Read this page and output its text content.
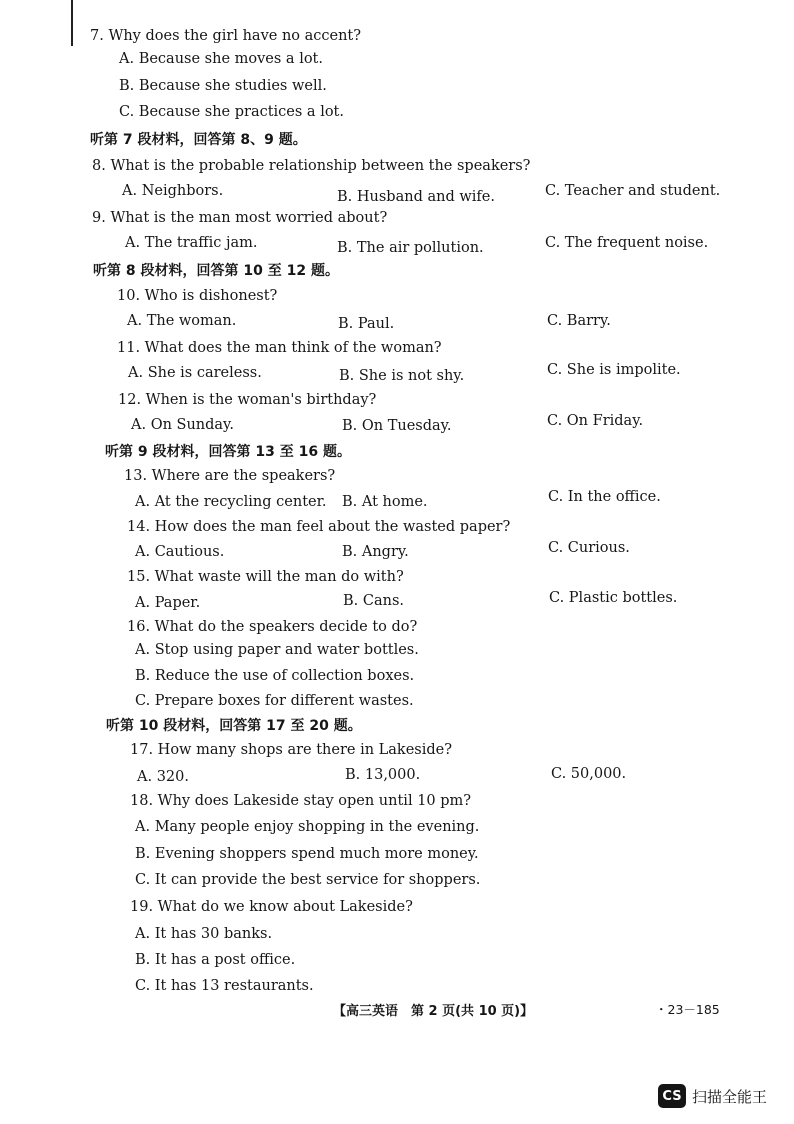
7. Why does the girl have no accent?
A. Because she moves a lot.
B. Because she studies well.
C. Because she practices a lot.
听第 7 段材料，回答第 8、9 题。
8. What is the probable relationship between the speakers?
A. Neighbors.	B. Husband and wife.	C. Teacher and student.
9. What is the man most worried about?
A. The traffic jam.	B. The air pollution.	C. The frequent noise.
听第 8 段材料，回答第 10 至 12 题。
10. Who is dishonest?
A. The woman.	B. Paul.	C. Barry.
11. What does the man think of the woman?
A. She is careless.	B. She is not shy.	C. She is impolite.
12. When is the woman's birthday?
A. On Sunday.	B. On Tuesday.	C. On Friday.
听第 9 段材料，回答第 13 至 16 题。
13. Where are the speakers?
A. At the recycling center. B. At home.	C. In the office.
14. How does the man feel about the wasted paper?
A. Cautious.	B. Angry.	C. Curious.
15. What waste will the man do with?
A. Paper.	B. Cans.	C. Plastic bottles.
16. What do the speakers decide to do?
A. Stop using paper and water bottles.
B. Reduce the use of collection boxes.
C. Prepare boxes for different wastes.
听第 10 段材料，回答第 17 至 20 题。
17. How many shops are there in Lakeside?
A. 320.	B. 13,000.	C. 50,000.
18. Why does Lakeside stay open until 10 pm?
A. Many people enjoy shopping in the evening.
B. Evening shoppers spend much more money.
C. It can provide the best service for shoppers.
19. What do we know about Lakeside?
A. It has 30 banks.
B. It has a post office.
C. It has 13 restaurants.
【高三英语　第 2 页(共 10 页)】	・23－185
CS 扫描全能王
